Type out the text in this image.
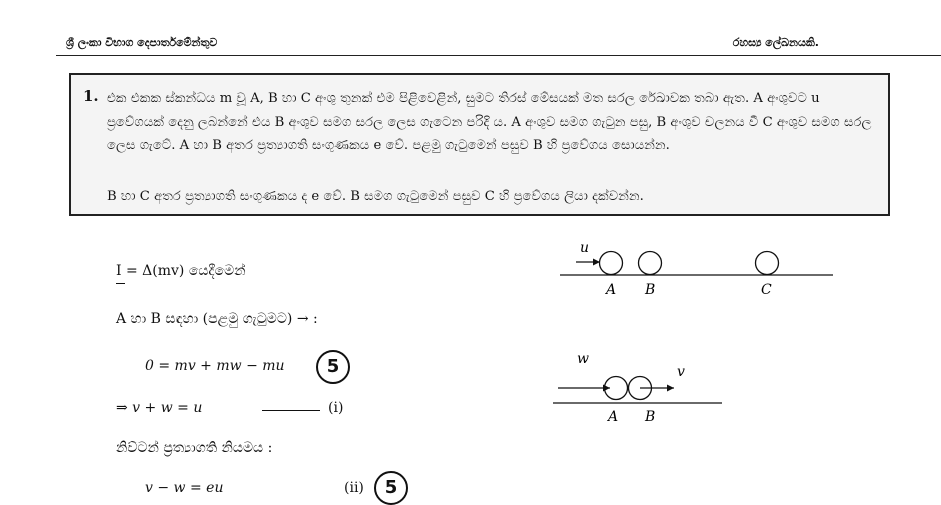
ශ්‍රී ලංකා විභාග දෙපාර්තමේන්තුව	රහස්‍ය ලේඛනයකි.
1. එක එකක ස්කන්ධය m වූ A, B හා C අංශු තුනක් එම පිළිවෙළින්, සුමට තිරස් මේසයක් මත සරල රේඛාවක තබා ඇත. A අංශුවට u ප්‍රවේගයක් දෙනු ලබන්නේ එය B අංශුව සමග සරල ලෙස ගැටෙන පරිදි ය. A අංශුව සමග ගැටුන පසු, B අංශුව චලනය වී C අංශුව සමග සරල ලෙස ගැටේ. A හා B අතර ප්‍රත්‍යාගති සංගුණකය e වේ. පළමු ගැටුමෙන් පසුව B හි ප්‍රවේගය සොයන්න.
B හා C අතර ප්‍රත්‍යාගති සංගුණකය ද e වේ. B සමග ගැටුමෙන් පසුව C හි ප්‍රවේගය ලියා දක්වන්න.
I = Δ(mv) යෙදීමෙන්
A හා B සඳහා (පළමු ගැටුමට) → :
0 = mv + mw − mu	5
⇒ v + w = u	(i)
නිව්ටන් ප්‍රත්‍යාගති නියමය :
v − w = eu	(ii)	5
u
A B	C
w
v
A B
